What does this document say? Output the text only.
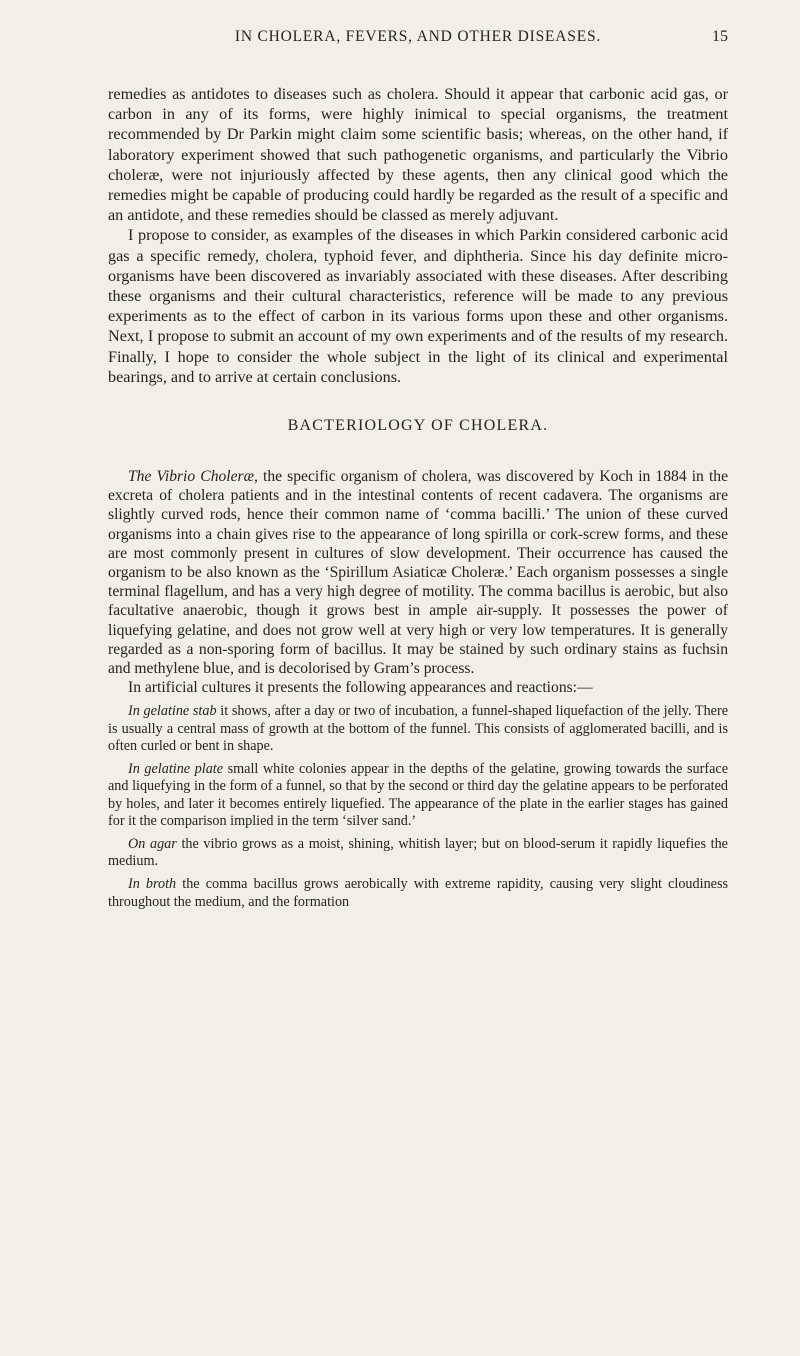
IN CHOLERA, FEVERS, AND OTHER DISEASES.	15

remedies as antidotes to diseases such as cholera. Should it appear that carbonic acid gas, or carbon in any of its forms, were highly inimical to special organisms, the treatment recommended by Dr Parkin might claim some scientific basis; whereas, on the other hand, if laboratory experiment showed that such pathogenetic organisms, and particularly the Vibrio choleræ, were not injuriously affected by these agents, then any clinical good which the remedies might be capable of producing could hardly be regarded as the result of a specific and an antidote, and these remedies should be classed as merely adjuvant.

I propose to consider, as examples of the diseases in which Parkin considered carbonic acid gas a specific remedy, cholera, typhoid fever, and diphtheria. Since his day definite micro-organisms have been discovered as invariably associated with these diseases. After describing these organisms and their cultural characteristics, reference will be made to any previous experiments as to the effect of carbon in its various forms upon these and other organisms. Next, I propose to submit an account of my own experiments and of the results of my research. Finally, I hope to consider the whole subject in the light of its clinical and experimental bearings, and to arrive at certain conclusions.

BACTERIOLOGY OF CHOLERA.

The Vibrio Choleræ, the specific organism of cholera, was discovered by Koch in 1884 in the excreta of cholera patients and in the intestinal contents of recent cadavera. The organisms are slightly curved rods, hence their common name of ‘comma bacilli.’ The union of these curved organisms into a chain gives rise to the appearance of long spirilla or cork-screw forms, and these are most commonly present in cultures of slow development. Their occurrence has caused the organism to be also known as the ‘Spirillum Asiaticæ Choleræ.’ Each organism possesses a single terminal flagellum, and has a very high degree of motility. The comma bacillus is aerobic, but also facultative anaerobic, though it grows best in ample air-supply. It possesses the power of liquefying gelatine, and does not grow well at very high or very low temperatures. It is generally regarded as a non-sporing form of bacillus. It may be stained by such ordinary stains as fuchsin and methylene blue, and is decolorised by Gram’s process.

In artificial cultures it presents the following appearances and reactions:—

In gelatine stab it shows, after a day or two of incubation, a funnel-shaped liquefaction of the jelly. There is usually a central mass of growth at the bottom of the funnel. This consists of agglomerated bacilli, and is often curled or bent in shape.

In gelatine plate small white colonies appear in the depths of the gelatine, growing towards the surface and liquefying in the form of a funnel, so that by the second or third day the gelatine appears to be perforated by holes, and later it becomes entirely liquefied. The appearance of the plate in the earlier stages has gained for it the comparison implied in the term ‘silver sand.’

On agar the vibrio grows as a moist, shining, whitish layer; but on blood-serum it rapidly liquefies the medium.

In broth the comma bacillus grows aerobically with extreme rapidity, causing very slight cloudiness throughout the medium, and the formation
